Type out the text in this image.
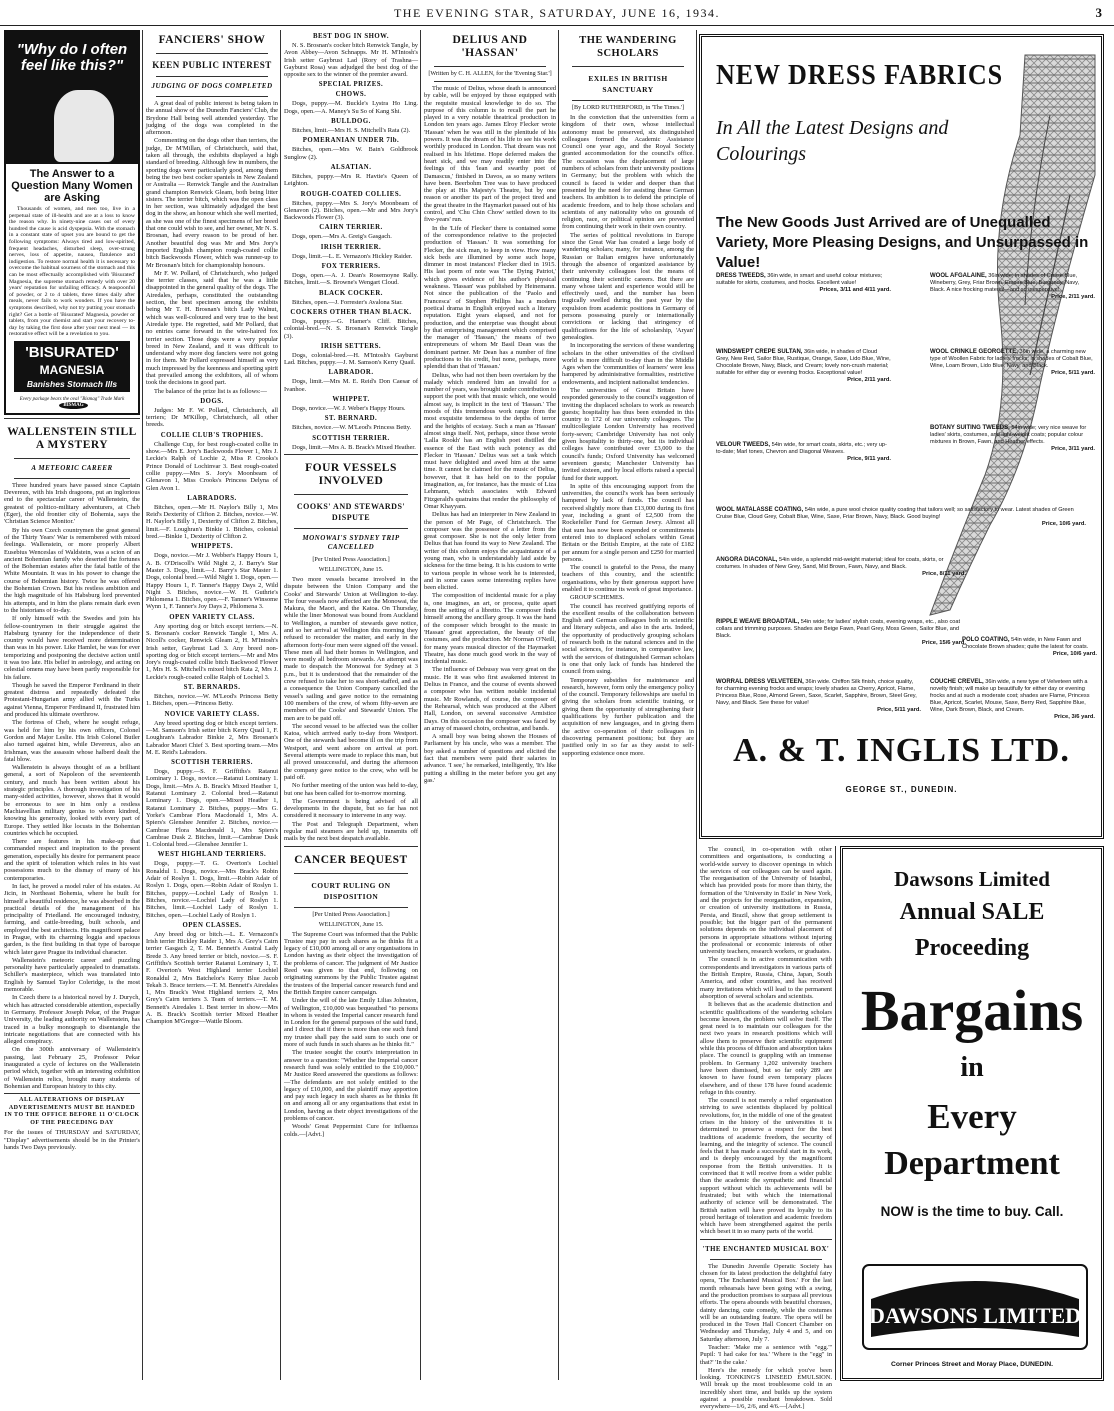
THE EVENING STAR, SATURDAY, JUNE 16, 1934.	3
"Why do I often feel like this?"
The Answer to a Question Many Women are Asking

Thousands of women, and men too, live in a perpetual state of ill-health and are at a loss to know the reason why. In ninety-nine cases out of every hundred the cause is acid dyspepsia. With the stomach in a constant state of upset you are bound to get the following symptoms: Always tired and low-spirited, frequent headaches, disturbed sleep, over-strung nerves, loss of appetite, nausea, flatulence and indigestion. To restore normal health it is necessary to overcome the habitual sourness of the stomach and this can be most effectually accomplished with 'Bisurated' Magnesia, the supreme stomach remedy with over 20 years' reputation for unfailing efficacy. A teaspoonful of powder, or 2 to 4 tablets, three times daily after meals, never fails to work wonders. If you have the symptoms described, why not try putting your stomach right? Get a bottle of 'Bisurated' Magnesia, powder or tablets, from your chemist and start your recovery to-day by taking the first dose after your next meal — its restorative effect will be a revelation to you.

'BISURATED'
MAGNESIA
Banishes Stomach Ills
Every package bears the oval "Bismag" Trade Mark BISMAG
WALLENSTEIN STILL A MYSTERY
A METEORIC CAREER

Three hundred years have passed since Captain Devereux, with his Irish dragoons, put an inglorious end to the spectacular career of Wallenstein, the greatest of politico-military adventurers, at Cheb (Eger), the old frontier city of Bohemia, says the 'Christian Science Monitor.'

By his own Czech countrymen the great general of the Thirty Years' War is remembered with mixed feelings. Wallenstein, or more properly Albert Eusebius Wenceslas of Waldstein, was a scion of an ancient Bohemian family who deserted the fortunes of the Bohemian estates after the fatal battle of the White Mountain. It was in his power to change the course of Bohemian history. Twice he was offered the Bohemian Crown. But his restless ambition and the high magnitude of his Habsburg lord prevented his attempts, and in him the plans remain dark even to the historians of to-day.

If only himself with the Swedes and join his fellow-countrymen in their struggle against the Habsburg tyranny for the independence of their country would have received more determination than was in his power. Like Hamlet, he was for ever temporizing and postponing the decisive action until it was too late. His belief in astrology, and acting on celestial omens may have been partly responsible for his failure.

Though he saved the Emperor Ferdinand in their greatest distress and repeatedly defeated the Protestant-Hungarian army allied with the Turks against Vienna, Emperor Ferdinand II, frustrated him and produced his ultimate overthrow.

The fortress of Cheb, where he sought refuge, was held for him by his own officers, Colonel Gordon and Major Leslie. His Irish Colonel Butler also turned against him, while Devereux, also an Irishman, was the assassin whose halberd dealt the fatal blow.

Wallenstein is always thought of as a brilliant general, a sort of Napoleon of the seventeenth century, and much has been written about his strategic principles. A thorough investigation of his many-sided activities, however, shows that it would be erroneous to see in him only a restless Machiavellian military genius to whom kindred, knowing his generosity, looked with every part of Europe. They settled like locusts in the Bohemian countries which he occupied.

There are features in his make-up that commanded respect and inspiration to the present generation, especially his desire for permanent peace and the spirit of toleration which rules in his vast possessions much to the dismay of many of his contemporaries.

In fact, he proved a model ruler of his estates. At Jicin, in Northeast Bohemia, where he built for himself a beautiful residence, he was absorbed in the practical details of the management of his principality of Friedland. He encouraged industry, farming, and cattle-breeding, built schools, and employed the best architects. His magnificent palace in Prague, with its charming loggia and spacious garden, is the first building in that type of baroque which later gave Prague its individual character.

Wallenstein's meteoric career and puzzling personality have particularly appealed to dramatists. Schiller's masterpiece, which was translated into English by Samuel Taylor Coleridge, is the most memorable.

In Czech there is a historical novel by J. Durych, which has attracted considerable attention, especially in Germany. Professor Joseph Pekar, of the Prague University, the leading authority on Wallenstein, has traced in a bulky monograph to disentangle the intricate negotiations that are connected with his alleged conspiracy.

On the 300th anniversary of Wallenstein's passing, last February 25, Professor Pekar inaugurated a cycle of lectures on the Wallenstein period which, together with an interesting exhibition of Wallenstein relics, brought many students of Bohemian and European history to this city.

ALL ALTERATIONS OF DISPLAY ADVERTISEMENTS MUST BE HANDED IN TO THE OFFICE BEFORE 11 O'CLOCK OF THE PRECEDING DAY

For the issues of THURSDAY and SATURDAY, "Display" advertisements should be in the Printer's hands Two Days previously.

FANCIERS' SHOW
KEEN PUBLIC INTEREST
JUDGING OF DOGS COMPLETED

A great deal of public interest is being taken in the annual show of the Dunedin Fanciers' Club, the Brydone Hall being well attended yesterday. The judging of the dogs was completed in the afternoon.

Commenting on the dogs other than terriers, the judge, Dr M'Millan, of Christchurch, said that, taken all through, the exhibits displayed a high standard of breeding. Although few in numbers, the sporting dogs were particularly good, among them being the two best cocker spaniels in New Zealand or Australia — Renwick Tangle and the Australian grand champion Renwick Gleam, both being litter sisters. The terrier bitch, which was the open class in her section, was ultimately adjudged the best dog in the show, an honour which she well merited, as she was one of the finest specimens of her breed that one could wish to see, and her owner, Mr N. S. Brosnan, had every reason to be proud of her. Another beautiful dog was Mr and Mrs Jory's imported English champion rough-coated collie bitch Backwoods Flower, which was runner-up to Mr Brosnan's bitch for championship honours.

Mr F. W. Pollard, of Christchurch, who judged the terrier classes, said that he was a little disappointed in the general quality of the dogs. The Airedales, perhaps, constituted the outstanding section, the best specimen among the exhibits being Mr T. H. Brosnan's bitch Lady Walnut, which was well-coloured and very true to the best Airedale type. He regretted, said Mr Pollard, that no entries came forward in the wire-haired fox terrier section. Those dogs were a very popular breed in New Zealand, and it was difficult to understand why more dog fanciers were not going in for them. Mr Pollard expressed himself as very much impressed by the keenness and sporting spirit that prevailed among the exhibitors, all of whom took the decisions in good part.

The balance of the prize list is as follows:—

DOGS.

Judges: Mr F. W. Pollard, Christchurch, all terriers; Dr M'Killop, Christchurch, all other breeds.

COLLIE CLUB'S TROPHIES.

Challenge Cup, for best rough-coated collie in show.—Mrs E. Jory's Backwoods Flower 1, Mrs J. Leckie's Ralph of Lochie 2, Miss P. Crooks's Prince Donald of Lochinvar 3. Best rough-coated collie puppy.—Mrs S. Jory's Moonbeam of Glenavon 1, Miss Crooks's Princess Delyna of Glen Avon 1.

LABRADORS.

Bitches, open.—Mr H. Naylor's Billy 1, Mrs Reid's Dexterity of Clifton 2. Bitches, novice.—W. H. Naylor's Billy 1, Dexterity of Clifton 2. Bitches, limit.—F. Loughran's Binkie 1. Bitches, colonial bred.—Binkie 1, Dexterity of Clifton 2.

WHIPPETS.

Dogs, novice.—Mr J. Webber's Happy Hours 1, A. B. O'Driscoll's Wild Night 2, J. Barry's Star Master 3. Dogs, limit.—J. Barry's Star Master 1. Dogs, colonial bred.—Wild Night 1. Dogs, open.—Happy Hours 1, F. Tanner's Happy Days 2, Wild Night 3. Bitches, novice.—W. H. Guthrie's Philomena 1. Bitches, open.—F. Tanner's Winsome Wynn 1, F. Tanner's Joy Days 2, Philomena 3.

OPEN VARIETY CLASS.

Any sporting dog or bitch except terriers.—N. S. Brosnan's cocker Renwick Tangle 1, Mrs A. Nicoll's cocker, Renwick Gleam 2, H. M'Intosh's Irish setter, Gaybrust Lad 3. Any breed non-sporting dog or bitch except terriers.—Mr and Mrs Jory's rough-coated collie bitch Backwood Flower 1, Mrs H. S. Mitchell's mixed bitch Rata 2, Mrs J. Leckie's rough-coated collie Ralph of Lochiel 3.

ST. BERNARDS.

Bitches, novice.—W. M'Leod's Princess Betty 1. Bitches, open.—Princess Betty.

NOVICE VARIETY CLASS.

Any breed sporting dog or bitch except terriers.—M. Samson's Irish setter bitch Kerry Quail 1, F. Loughran's Labrador Binkie 2, Mrs Brosnan's Labrador Maori Chief 3. Best sporting team.—Mrs M. E. Reid's Labradors.

SCOTTISH TERRIERS.

Dogs, puppy.—S. F. Griffiths's Ratanui Lominary 1. Dogs, novice.—Ratanui Lominary 1. Dogs, limit.—Mrs A. B. Brack's Mixed Heather 1, Ratanui Lominary 2. Colonial bred.—Ratanui Lominary 1. Dogs, open.—Mixed Heather 1, Ratanui Lominary 2. Bitches, puppy.—Mrs G. Yorke's Cambrae Flora Macdonald 1, Mrs A. Spiers's Glenshee Jennifer 2. Bitches, novice.—Cambrae Flora Macdonald 1, Mrs Spiers's Cambrae Dusk 2. Bitches, limit.—Cambrae Dusk 1. Colonial bred.—Glenshee Jennifer 1.

WEST HIGHLAND TERRIERS.

Dogs, puppy.—T. G. Overton's Lochiel Ronaldul 1. Dogs, novice.—Mrs Brack's Robin Adair of Roslyn 1. Dogs, limit.—Robin Adair of Roslyn 1. Dogs, open.—Robin Adair of Roslyn 1. Bitches, puppy.—Lochiel Lady of Roslyn 1. Bitches, novice.—Lochiel Lady of Roslyn 1. Bitches, limit.—Lochiel Lady of Roslyn 1. Bitches, open.—Lochiel Lady of Roslyn 1.

OPEN CLASSES.

Any breed dog or bitch.—L. E. Vernazoni's Irish terrier Hickley Raider 1, Mrs A. Grey's Cairn terrier Gasgach 2, T. M. Bennett's Austral Lady Brede 3. Any breed terrier or bitch, novice.—S. F. Griffiths's Scottish terrier Ratanui Lominary 1, T. F. Overton's West Highland terrier Lochiel Ronaldul 2, Mrs Batchelor's Kerry Blue Jacob Tekah 3. Brace terriers.—T. M. Bennett's Airedales 1, Mrs Brack's West Highland terriers 2, Mrs Grey's Cairn terriers 3. Team of terriers.—T. M. Bennett's Airedales 1. Best terrier in show.—Mrs A. B. Brack's Scottish terrier Mixed Heather Champion M'Gregor—Wattle Bloom.

BEST DOG IN SHOW.

N. S. Brosnan's cocker bitch Renwick Tangle, by Avon Abbey—Avon Schnapps. Mr H. M'Intosh's Irish setter Gaybrust Lad (Rory of Trashna—Gayburst Rosa) was adjudged the best dog of the opposite sex to the winner of the premier award.

SPECIAL PRIZES.
CHOWS.

Dogs, puppy.—M. Buckle's Lystra Ho Ling. Dogs, open.—A. Maney's Su So of Kang Shi.

BULLDOG.

Bitches, limit.—Mrs H. S. Mitchell's Rata (2).

POMERANIAN UNDER 7lb.

Bitches, open.—Mrs W. Bain's Goldbrook Sunglow (2).

ALSATIAN.

Bitches, puppy.—Mrs R. Havtie's Queen of Leighton.

ROUGH-COATED COLLIES.

Bitches, puppy.—Mrs S. Jory's Moonbeam of Glenavon (2). Bitches, open.—Mr and Mrs Jory's Backwoods Flower (3).

CAIRN TERRIER.

Dogs, open.—Mrs A. Greig's Gasgach.

IRISH TERRIER.

Dogs, limit.—L. E. Vernazon's Hickley Raider.

FOX TERRIERS.

Dogs, open.—A. J. Dean's Rosemoyne Rally. Bitches, limit.—S. Browne's Wengart Cloud.

BLACK COCKER.

Bitches, open.—J. Forrester's Avalona Star.

COCKERS OTHER THAN BLACK.

Dogs, puppy.—G. Hamer's Cliff. Bitches, colonial-bred.—N. S. Brosnan's Renwick Tangle (3).

IRISH SETTERS.

Dogs, colonial-bred.—H. M'Intosh's Gayburst Lad. Bitches, puppy.—J. M. Samson's Kerry Quail.

LABRADOR.

Dogs, limit.—Mrs M. E. Reid's Don Caesar of Ivanhoe.

WHIPPET.

Dogs, novice.—W. J. Weber's Happy Hours.

ST. BERNARD.

Bitches, novice.—W. M'Leod's Princess Betty.

SCOTTISH TERRIER.

Dogs, limit.—Mrs A. B. Brack's Mixed Heather.

FOUR VESSELS INVOLVED
COOKS' AND STEWARDS' DISPUTE
MONOWAI'S SYDNEY TRIP CANCELLED
[Per United Press Association.]
WELLINGTON, June 15.

Two more vessels became involved in the dispute between the Union Company and the Cooks' and Stewards' Union at Wellington to-day. The four vessels now affected are the Monowai, the Makura, the Maori, and the Katoa. On Thursday, while the liner Monowai was bound from Auckland to Wellington, a number of stewards gave notice, and so her arrival at Wellington this morning they refused to reconsider the matter, and early in the afternoon forty-four men were signed off the vessel. These men all had their homes in Wellington, and were mostly all bedroom stewards. An attempt was made to despatch the Monowai for Sydney at 3 p.m., but it is understood that the remainder of the crew refused to take her to sea short-staffed, and as a consequence the Union Company cancelled the vessel's sailing and gave notice to the remaining 100 members of the crew, of whom fifty-seven are members of the Cooks' and Stewards' Union. The men are to be paid off.

The second vessel to be affected was the collier Katoa, which arrived early to-day from Westport. One of the stewards had become ill on the trip from Westport, and went ashore on arrival at port. Several attempts were made to replace this man, but all proved unsuccessful, and during the afternoon the company gave notice to the crew, who will be paid off.

No further meeting of the union was held to-day, but one has been called for to-morrow morning.

The Government is being advised of all developments in the dispute, but so far has not considered it necessary to intervene in any way.

The Post and Telegraph Department, when regular mail steamers are held up, transmits off mails by the next best despatch available.

CANCER BEQUEST
COURT RULING ON DISPOSITION
[Per United Press Association.]
WELLINGTON, June 15.

The Supreme Court was informed that the Public Trustee may pay in such shares as he thinks fit a legacy of £10,000 among all or any organisations in London having as their object the investigation of the problems of cancer. The judgment of Mr Justice Reed was given to that end, following on originating summons by the Public Trustee against the trustees of the Imperial cancer research fund and the British Empire cancer campaign.

Under the will of the late Emily Lilias Johnston, of Wellington, £10,000 was bequeathed "to persons in whom is vested the Imperial cancer research fund in London for the general purposes of the said fund, and I direct that if there is more than one such fund my trustee shall pay the said sum to such one or more of such funds in such shares as he thinks fit."

The trustee sought the court's interpretation in answer to a question: "Whether the Imperial cancer research fund was solely entitled to the £10,000." Mr Justice Reed answered the questions as follows:—The defendants are not solely entitled to the legacy of £10,000, and the plaintiff may apportion and pay such legacy in such shares as he thinks fit on and among all or any organisations that exist in London, having as their object investigations of the problems of cancer.

Woods' Great Peppermint Cure for influenza colds.—[Advt.]

DELIUS AND 'HASSAN'
[Written by C. H. ALLEN, for the 'Evening Star.']

The music of Delius, whose death is announced by cable, will be enjoyed by those equipped with the requisite musical knowledge to do so. The purpose of this column is to recall the part he played in a very notable theatrical production in London ten years ago. James Elroy Flecker wrote 'Hassan' when he was still in the plenitude of his powers. It was the dream of his life to see his work worthily produced in London. That dream was not realised in his lifetime. Hope deferred makes the heart sick, and we may readily enter into the feelings of this 'lean and swarthy poet of Damascus,' finished in Davos, as so many writers have been. Beerbohm Tree was to have produced the play at His Majesty's Theatre, but by one reason or another its part of the project tired and the great theatre in the Haymarket passed out of his control, and 'Chu Chin Chow' settled down to its five-years' run.

In the 'Life of Flecker' there is contained some of the correspondence relative to the projected production of 'Hassan.' It was something for Flecker, the sick man, to keep in view. How many sick beds are illumined by some such hope, dimmer in most instances! Flecker died in 1915. His last poem of note was 'The Dying Patriot,' which gives evidence of his author's physical weakness. 'Hassan' was published by Heinemann. Not since the publication of the 'Paolo and Francesca' of Stephen Phillips has a modern poetical drama in English enjoyed such a literary reputation. Eight years elapsed, and not for production, and the enterprise was thought about by that enterprising management which comprised the manager of 'Hassan,' the means of two entrepreneurs of whom Mr Basil Dean was the dominant partner. Mr Dean has a number of fine productions to his credit, but none, perhaps, more splendid than that of 'Hassan.'

Delius, who had not then been overtaken by the malady which rendered him an invalid for a number of years, was brought under contribution to support the poet with that music which, one would almost say, is implicit in the text of 'Hassan.' The moods of this tremendous work range from the most exquisite tenderness to the depths of terror and the heights of ecstasy. Such a man as 'Hassan' almost sings itself. Not, perhaps, since those wrote 'Lalla Rookh' has an English poet distilled the essence of the East with such potency as did Flecker in 'Hassan.' Delius was set a task which must have delighted and awed him at the same time. It cannot be claimed for the music of Delius, however, that it has held on to the popular imagination, as, for instance, has the music of Liza Lehmann, which associates with Edward Fitzgerald's quatrains that render the philosophy of Omar Khayyam.

Delius has had an interpreter in New Zealand in the person of Mr Page, of Christchurch. The composer was the possessor of a letter from the great composer. She is not the only letter from Delius that has found its way to New Zealand. The writer of this column enjoys the acquaintance of a young man, who is understandably laid aside by sickness for the time being. It is his custom to write to various people in whose work he is interested, and in some cases some interesting replies have been elicited.

The composition of incidental music for a play is, one imagines, an art, or process, quite apart from the setting of a libretto. The composer finds himself among the ancillary group. It was the hand of the composer which brought to the music in 'Hassan' great appreciation, the beauty of the costumes, and the production. Mr Norman O'Neill, for many years musical director of the Haymarket Theatre, has done much good work in the way of incidental music.

The influence of Debussy was very great on the music. He it was who first awakened interest in Delius in France, and the course of events showed a composer who has written notable incidental music. Mr Rowlands, of course, the composer of the Rehearsal, which was produced at the Albert Hall, London, on several successive Armistice Days. On this occasion the composer was faced by an array of massed choirs, orchestras, and bands.

A small boy was being shown the Houses of Parliament by his uncle, who was a member. The boy asked a number of questions and elicited the fact that members were paid their salaries in advance. 'I see,' he remarked, intelligently, 'It's like putting a shilling in the meter before you get any gas.'

THE WANDERING SCHOLARS
EXILES IN BRITISH SANCTUARY
[By LORD RUTHERFORD, in 'The Times.']

In the conviction that the universities form a kingdom of their own, whose intellectual autonomy must be preserved, six distinguished colleagues formed the Academic Assistance Council one year ago, and the Royal Society granted accommodation for the council's office. The occasion was the displacement of large numbers of scholars from their university positions in Germany; but the problem with which the council is faced is wider and deeper than that presented by the need for assisting these German teachers. Its ambition is to defend the principle of academic freedom, and to help those scholars and scientists of any nationality who on grounds of religion, race, or political opinion are prevented from continuing their work in their own country.

The series of political revolutions in Europe since the Great War has created a large body of wandering scholars; many, for instance, among the Russian or Italian emigres have unfortunately through the absence of organized assistance by their university colleagues lost the means of continuing their scientific careers. But there are many whose talent and experience would still be effectively used, and the number has been tragically swelled during the past year by the expulsion from academic positions in Germany of persons possessing purely or internationally convictions or lacking that stringency of qualifications for the life of scholarship, 'Aryan' genealogies.

In incorporating the services of these wandering scholars in the other universities of the civilised world is more difficult to-day than in the Middle Ages when the 'communities of learners' were less hampered by administrative formalities, restrictive endowments, and incipient nationalist tendencies.

The universities of Great Britain have responded generously to the council's suggestion of inviting the displaced scholars to work as research guests; hospitality has thus been extended in this country to 172 of our university colleagues. The multicollegiate London University has received forty-seven; Cambridge University has not only given hospitality to thirty-one, but its individual colleges have contributed over £3,000 to the council's funds; Oxford University has welcomed seventeen guests; Manchester University has invited sixteen, and by local efforts raised a special fund for their support.

In spite of this encouraging support from the universities, the council's work has been seriously hampered by lack of funds. The council has received slightly more than £13,000 during its first year, including a grant of £2,500 from the Rockefeller Fund for German Jewry. Almost all that sum has now been expended or commitments entered into to displaced scholars within Great Britain or the British Empire, at the rate of £182 per annum for a single person and £250 for married persons.

The council is grateful to the Press, the many teachers of this country, and the scientific organisations, who by their generous support have enabled it to continue its work of great importance.

GROUP SCHEMES.

The council has received gratifying reports of the excellent results of the collaboration between English and German colleagues both in scientific and literary subjects, and also in the arts. Indeed, the opportunity of productively grouping scholars of research both in the natural sciences and in the social sciences, for instance, in comparative law, with the services of distinguished German scholars is one that only lack of funds has hindered the council from using.

Temporary subsidies for maintenance and research, however, form only the emergency policy of the council. Temporary fellowships are useful in giving the scholars from scientific training, or giving them the opportunity of strengthening their qualifications by further publication and the acquisition of new languages, and in giving them the active co-operation of their colleagues in discovering permanent positions; but they are justified only in so far as they assist to self-supporting existence once more.

The council, in co-operation with other committees and organisations, is conducting a world-wide survey to discover openings in which the services of our colleagues can be used again. The reorganisation of the University of Istanbul, which has provided posts for more than thirty, the formation of the 'University in Exile' in New York, and the projects for the reorganisation, expansion, or creation of university institutions in Russia, Persia, and Brazil, show that group settlement is possible; but the bigger part of the permanent solutions depends on the individual placement of persons in appropriate situations without injuring the professional or economic interests of other university teachers, research workers, or graduates.

The council is in active communication with correspondents and investigators in various parts of the British Empire, Russia, China, Japan, South America, and other countries, and has received many invitations which will lead to the permanent absorption of several scholars and scientists.

It believes that as the academic distinction and scientific qualifications of the wandering scholars become known, the problem will solve itself. The great need is to maintain our colleagues for the next two years in research positions which will allow them to preserve their scientific equipment while this process of diffusion and absorption takes place. The council is grappling with an immense problem. In Germany 1,202 university teachers have been dismissed, but so far only 289 are known to have found even temporary places elsewhere, and of these 178 have found academic refuge in this country.

The council is not merely a relief organisation striving to save scientists displaced by political revolutions, for, in the middle of one of the greatest crises in the history of the universities it is determined to preserve a respect for the best traditions of academic freedom, the security of learning, and the integrity of science. The council feels that it has made a successful start in its work, and is deeply encouraged by the magnificent response from the British universities. It is convinced that it will receive from a wider public than the academic the sympathetic and financial support without which its achievements will be frustrated; but with which the international authority of science will be demonstrated. The British nation will have proved its loyalty to its proud heritage of toleration and academic freedom which have been strengthened against the perils which beset it in so many parts of the world.

'THE ENCHANTED MUSICAL BOX'

The Dunedin Juvenile Operatic Society has chosen for its latest production the delightful fairy opera, 'The Enchanted Musical Box.' For the last month rehearsals have been going with a swing, and the production promises to surpass all previous efforts. The opera abounds with beautiful choruses, dainty dancing, cute comedy, while the costumes will be an outstanding feature. The opera will be produced in the Town Hall Concert Chamber on Wednesday and Thursday, July 4 and 5, and on Saturday afternoon, July 7.

Teacher: 'Make me a sentence with "egg."' Pupil: 'I had cake for tea.' 'Where is the "egg" in that?' 'In the cake.'

Here's the remedy for which you've been looking. TONKING'S LINSEED EMULSION. Will break up the most troublesome cold in an incredibly short time, and builds up the system against a possible resultant breakdown. Sold everywhere—1/6, 2/6, and 4/6.—[Advt.]

NEW DRESS FABRICS
In All the Latest Designs and Colourings
The New Goods Just Arrived are of Unequalled Variety, More Pleasing Designs, and Unsurpassed in Value!
DRESS TWEEDS, 36in wide, in smart and useful colour mixtures; suitable for skirts, costumes, and frocks. Excellent value!
Prices, 3/11 and 4/11 yard.
WOOL AFGALAINE, 36in wide; in shades of Cruise Blue, Wineberry, Grey, Friar Brown, Empire Blue, Burgundy, Navy, Black. A nice frocking material—and so inexpensive!
Price, 2/11 yard.
WINDSWEPT CREPE SULTAN, 36in wide, in shades of Cloud Grey, New Red, Sailor Blue, Rustique, Orange, Saxe, Lido Blue, Wine, Chocolate Brown, Navy, Black, and Cream; lovely non-crush material; suitable for either day or evening frocks. Exceptional value!
Price, 2/11 yard.
WOOL CRINKLE GEORGETTE, 36in wide, a charming new type of Woollen Fabric for ladies' frocks; in shades of Cobalt Blue, Wine, Loam Brown, Lido Blue, Navy, and Black.
Price, 5/11 yard.
BOTANY SUITING TWEEDS, 54in wide; very nice weave for ladies' skirts, costumes, and light-weight coats; popular colour mixtures in Brown, Fawn, and Heather effects.
Price, 3/11 yard.
VELOUR TWEEDS, 54in wide, for smart coats, skirts, etc.; very up-to-date; Marl tones, Chevron and Diagonal Weaves.
Price, 9/11 yard.
WOOL MATALASSE COATING, 54in wide, a pure wool choice quality coating that tailors well; so satisfactory to wear. Latest shades of Green Cruise Blue, Cloud Grey, Cobalt Blue, Wine, Saxe, Friar Brown, Navy, Black. Good buying!
Price, 10/6 yard.
ANGORA DIACONAL, 54in wide, a splendid mid-weight material; ideal for coats, skirts, or costumes. In shades of New Grey, Sand, Mid Brown, Fawn, Navy, and Black.
Price, 8/11 yard.
RIPPLE WEAVE BROADTAIL, 54in wide; for ladies' stylish coats, evening wraps, etc., also coat collars and trimming purposes. Shades are Beige Fawn, Pearl Grey, Moss Green, Sailor Blue, and Black.
Price, 15/6 yard.
POLO COATING, 54in wide, in New Fawn and Chocolate Brown shades; quite the latest for coats.
Price, 10/6 yard.
WORRAL DRESS VELVETEEN, 36in wide. Chiffon Silk finish, choice quality, for charming evening frocks and wraps; lovely shades as Cherry, Apricot, Flame, Princess Blue, Rose, Almond Green, Saxe, Scarlet, Sapphire, Brown, Steel Grey, Navy, and Black. See these for value!
Price, 5/11 yard.
COUCHE CREVEL, 36in wide, a new type of Velveteen with a novelty finish; will make up beautifully for either day or evening frocks and at such a moderate cost; shades are Flame, Princess Blue, Apricot, Scarlet, Mouse, Saxe, Berry Red, Sapphire Blue, Wine, Dark Brown, Black, and Cream.
Price, 3/6 yard.
A. & T. INGLIS LTD.
GEORGE ST., DUNEDIN.
Dawsons Limited
Annual SALE
Proceeding
Bargains
in
Every
Department
NOW is the time to buy. Call.
DAWSONS LIMITED
Corner Princes Street and Moray Place, DUNEDIN.
